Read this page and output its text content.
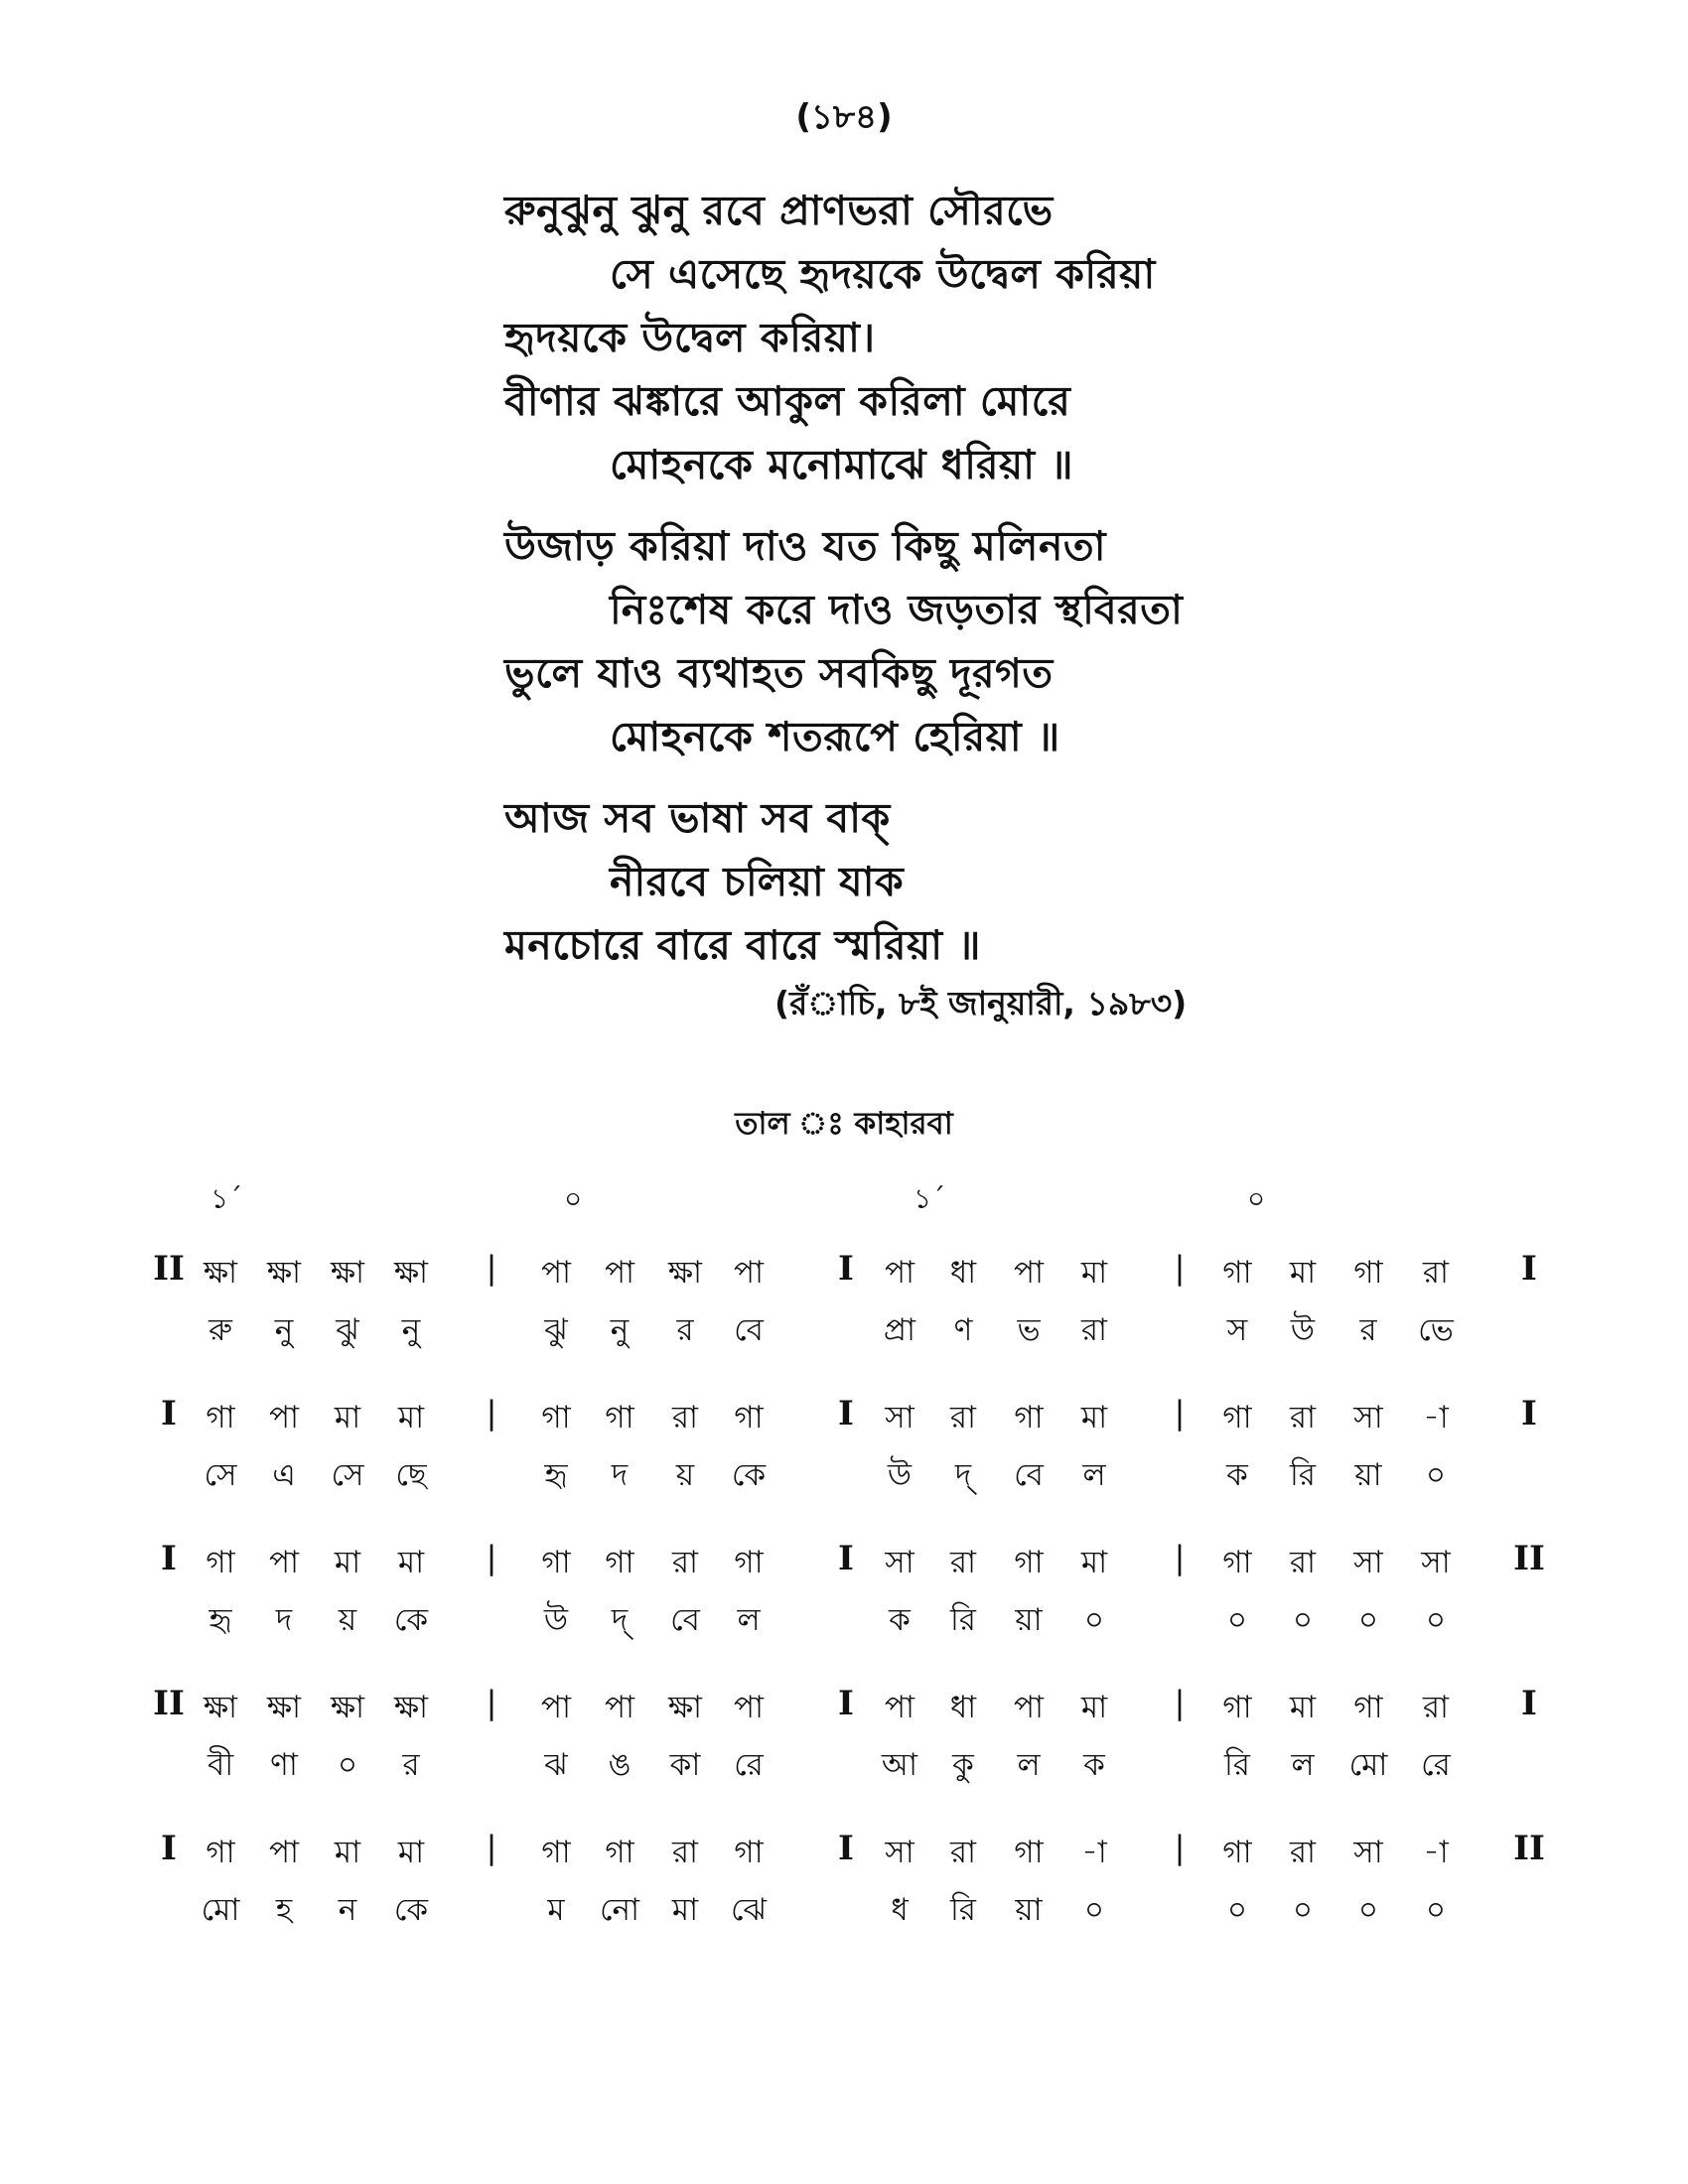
(১৮৪)
রুনুঝুনু ঝুনু রবে প্রাণভরা সৌরভে
সে এসেছে হৃদয়কে উদ্বেল করিয়া
হৃদয়কে উদ্বেল করিয়া।
বীণার ঝঙ্কারে আকুল করিলা মোরে
মোহনকে মনোমাঝে ধরিয়া ॥
উজাড় করিয়া দাও যত কিছু মলিনতা
নিঃশেষ করে দাও জড়তার স্থবিরতা
ভুলে যাও ব্যথাহত সবকিছু দূরগত
মোহনকে শতরূপে হেরিয়া ॥
আজ সব ভাষা সব বাক্‌
নীরবে চলিয়া যাক
মনচোরে বারে বারে স্মরিয়া ॥
(রঁাচি, ৮ই জানুয়ারী, ১৯৮৩)
তাল ঃ কাহারবা
১´	০	১´	০
II	|	I	|	I
ক্ষা ক্ষা ক্ষা ক্ষা	পা	পা	ক্ষা	পা	পা	ধা	পা	মা	গা	মা	গা	রা
রু	নু	ঝু	নু	ঝু	নু	র	বে	প্রা	ণ	ভ	রা	স	উ	র	ভে
I	|	I	|	I
গা	পা	মা	মা	গা	গা	রা	গা	সা	রা	গা	মা	গা	রা	সা	-া
সে	এ	সে	ছে	হৃ	দ	য়	কে	উ	দ্	বে	ল	ক	রি	য়া	০
I	|	I	|	II
গা	পা	মা	মা	গা	গা	রা	গা	সা	রা	গা	মা	গা	রা	সা	সা
হৃ	দ	য়	কে	উ	দ্	বে	ল	ক	রি	য়া	০	০	০	০	০
II	|	I	|	I
ক্ষা ক্ষা ক্ষা ক্ষা	পা	পা	ক্ষা	পা	পা	ধা	পা	মা	গা	মা	গা	রা
বী	ণা	০	র	ঝ	ঙ	কা	রে	আ	কু	ল	ক	রি	ল	মো	রে
I	|	I	|	II
গা	পা	মা	মা	গা	গা	রা	গা	সা	রা	গা	-া	গা	রা	সা	-া
মো	হ	ন	কে	ম	নো	মা	ঝে	ধ	রি	য়া	০	০	০	০	০
